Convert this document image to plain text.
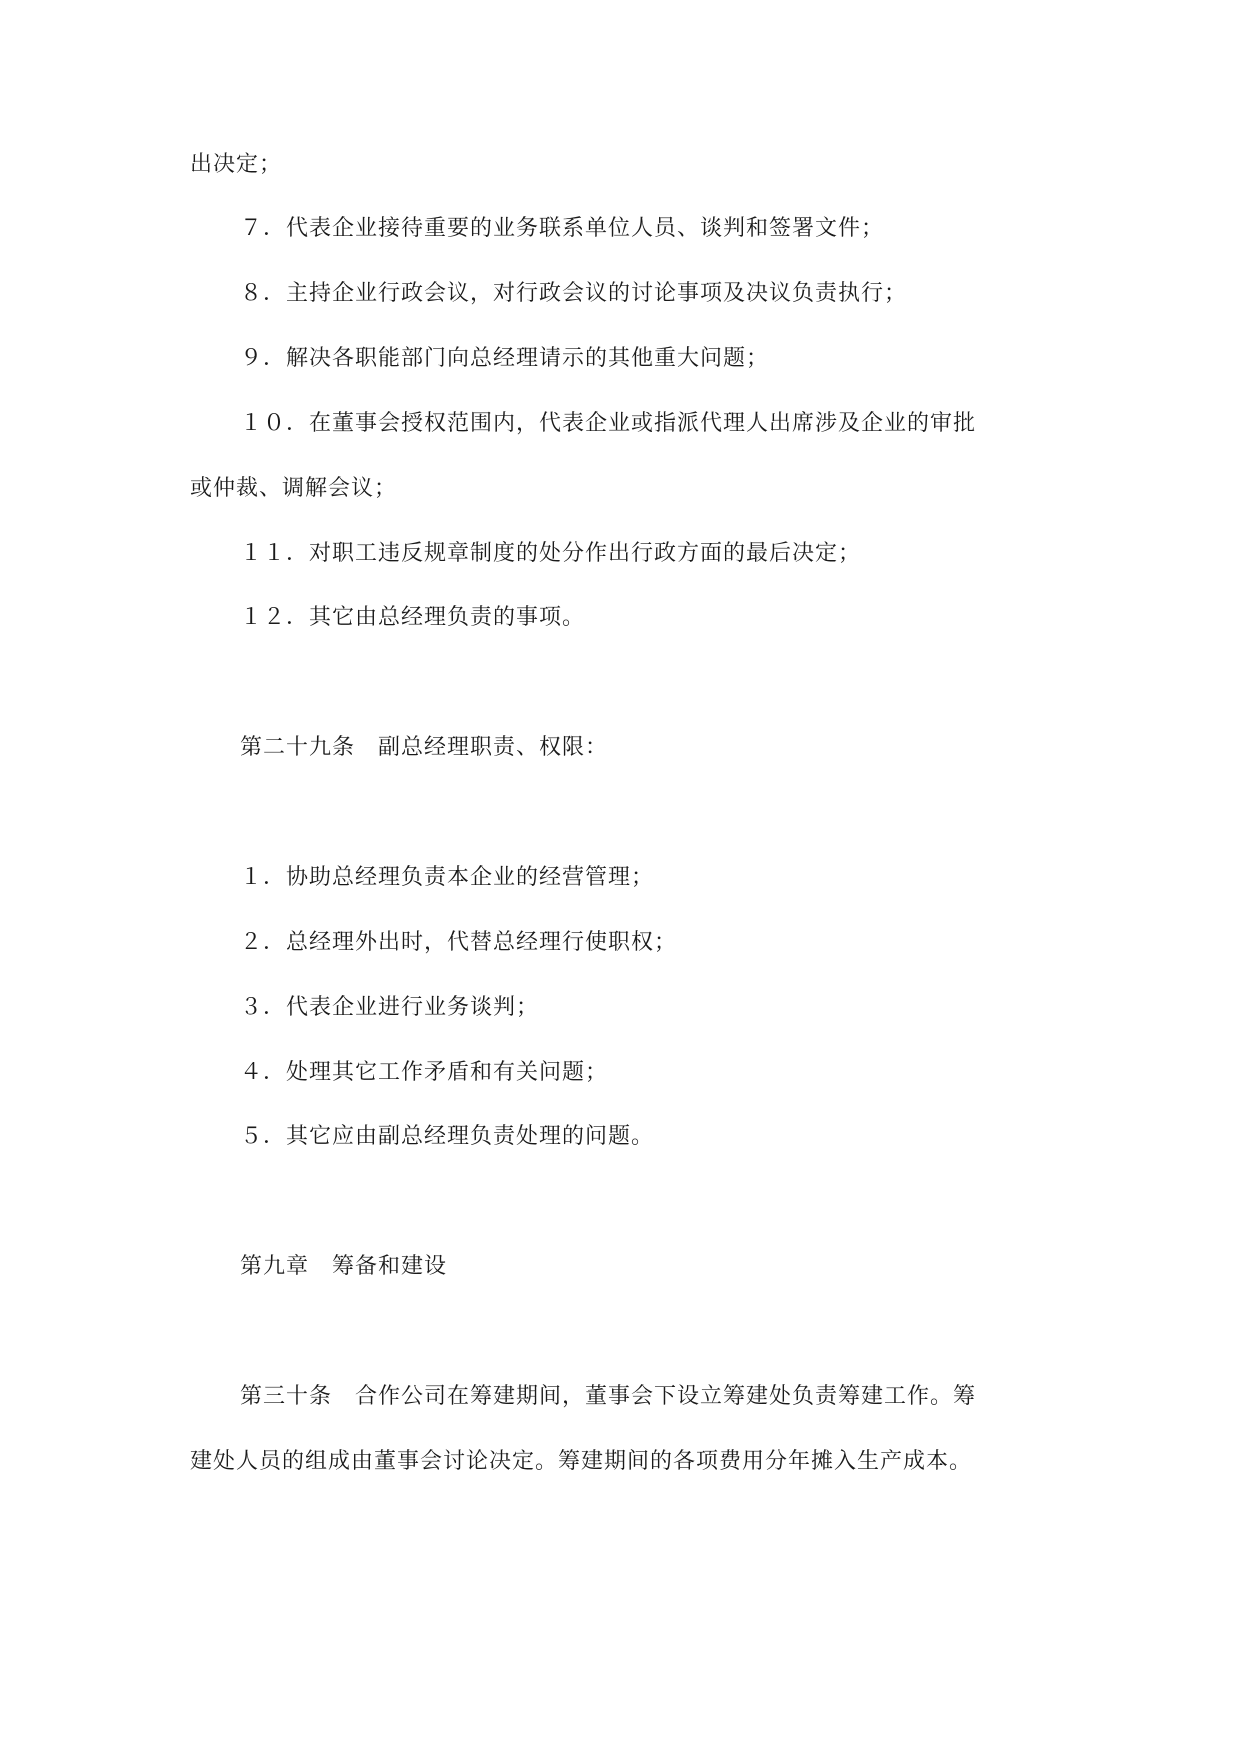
出决定；
７．代表企业接待重要的业务联系单位人员、谈判和签署文件；
８．主持企业行政会议，对行政会议的讨论事项及决议负责执行；
９．解决各职能部门向总经理请示的其他重大问题；
１０．在董事会授权范围内，代表企业或指派代理人出席涉及企业的审批
或仲裁、调解会议；
１１．对职工违反规章制度的处分作出行政方面的最后决定；
１２．其它由总经理负责的事项。
第二十九条　副总经理职责、权限：
１．协助总经理负责本企业的经营管理；
２．总经理外出时，代替总经理行使职权；
３．代表企业进行业务谈判；
４．处理其它工作矛盾和有关问题；
５．其它应由副总经理负责处理的问题。
第九章　筹备和建设
第三十条　合作公司在筹建期间，董事会下设立筹建处负责筹建工作。筹
建处人员的组成由董事会讨论决定。筹建期间的各项费用分年摊入生产成本。
